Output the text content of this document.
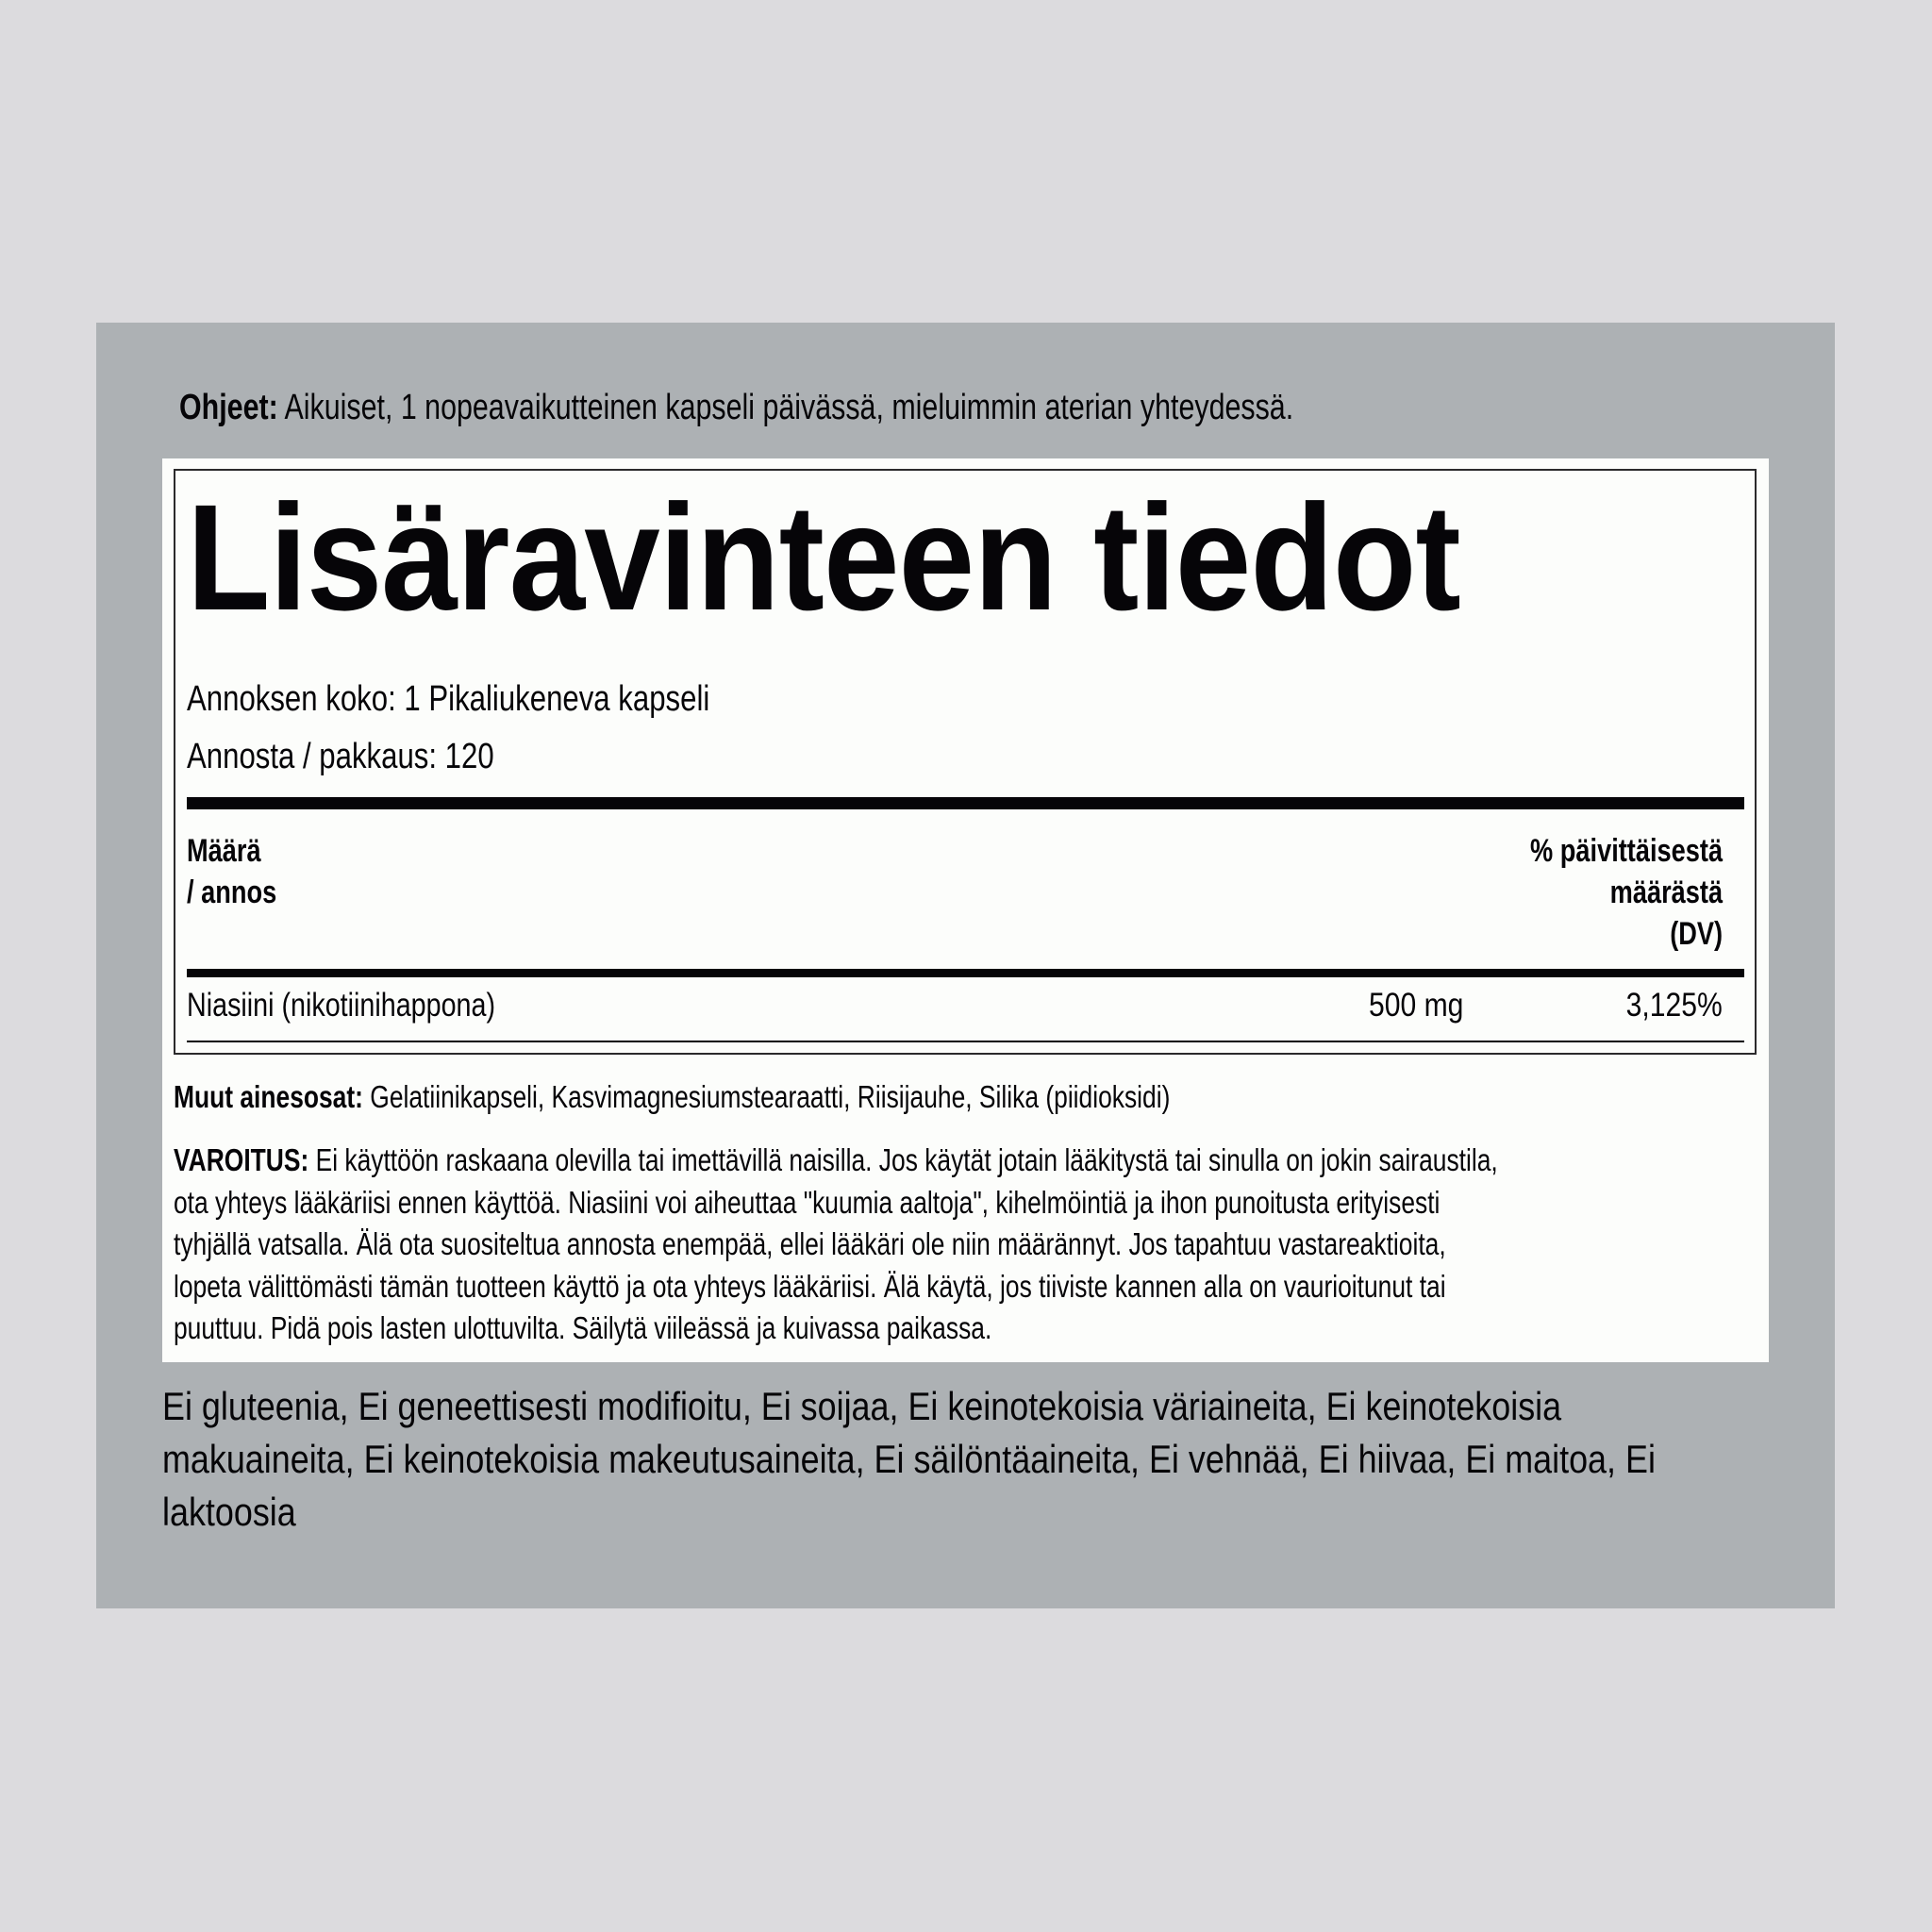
Ohjeet: Aikuiset, 1 nopeavaikutteinen kapseli päivässä, mieluimmin aterian yhteydessä.
Lisäravinteen tiedot
Annoksen koko: 1 Pikaliukeneva kapseli
Annosta / pakkaus: 120
Määrä
/ annos
% päivittäisestä
määrästä
(DV)
Niasiini (nikotiinihappona)	500 mg	3,125%
Muut ainesosat: Gelatiinikapseli, Kasvimagnesiumstearaatti, Riisijauhe, Silika (piidioksidi)
VAROITUS: Ei käyttöön raskaana olevilla tai imettävillä naisilla. Jos käytät jotain lääkitystä tai sinulla on jokin sairaustila,
ota yhteys lääkäriisi ennen käyttöä. Niasiini voi aiheuttaa "kuumia aaltoja", kihelmöintiä ja ihon punoitusta erityisesti
tyhjällä vatsalla. Älä ota suositeltua annosta enempää, ellei lääkäri ole niin määrännyt. Jos tapahtuu vastareaktioita,
lopeta välittömästi tämän tuotteen käyttö ja ota yhteys lääkäriisi. Älä käytä, jos tiiviste kannen alla on vaurioitunut tai
puuttuu. Pidä pois lasten ulottuvilta. Säilytä viileässä ja kuivassa paikassa.
Ei gluteenia, Ei geneettisesti modifioitu, Ei soijaa, Ei keinotekoisia väriaineita, Ei keinotekoisia
makuaineita, Ei keinotekoisia makeutusaineita, Ei säilöntäaineita, Ei vehnää, Ei hiivaa, Ei maitoa, Ei
laktoosia
